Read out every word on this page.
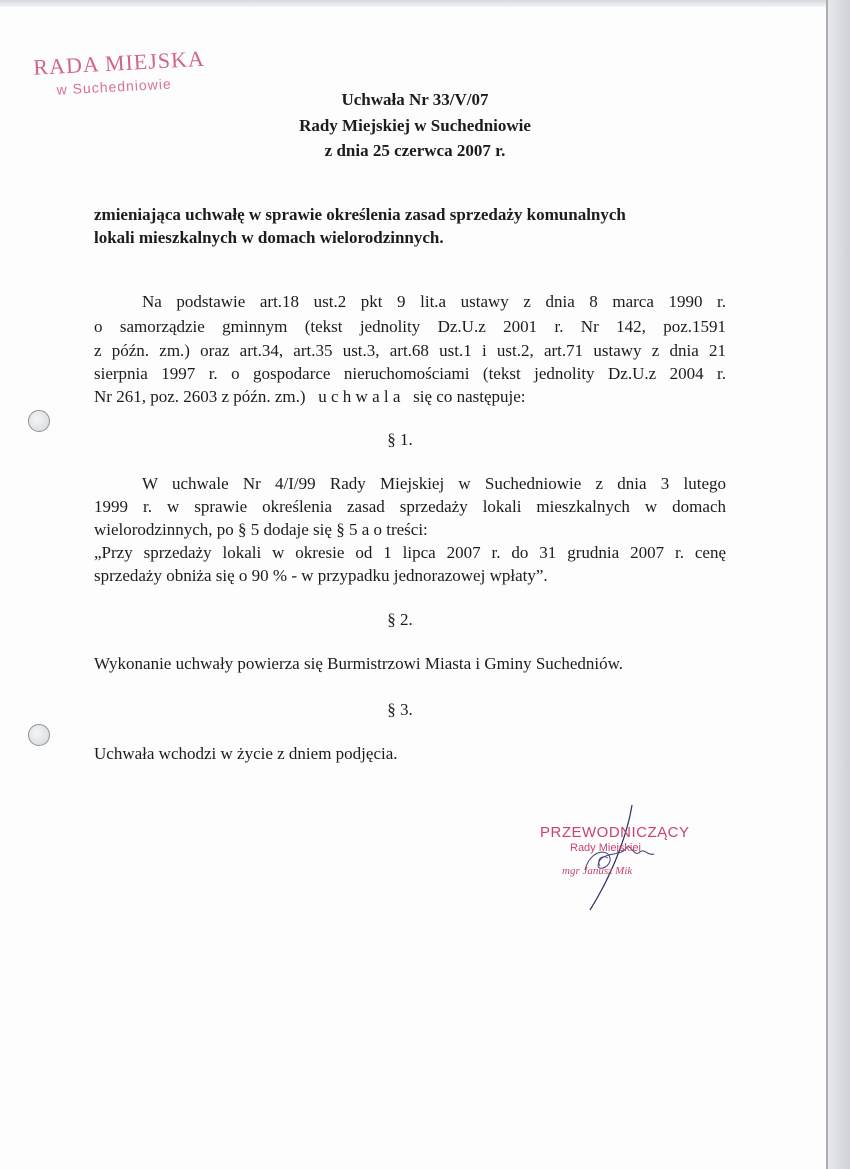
RADA MIEJSKA
w Suchedniowie
Uchwała Nr 33/V/07
Rady Miejskiej w Suchedniowie
z dnia 25 czerwca 2007 r.
zmieniająca uchwałę w sprawie określenia zasad sprzedaży komunalnych
lokali mieszkalnych w domach wielorodzinnych.
Na podstawie art.18 ust.2 pkt 9 lit.a ustawy z dnia 8 marca 1990 r.
o samorządzie gminnym (tekst jednolity Dz.U.z 2001 r. Nr 142, poz.1591
z późn. zm.) oraz art.34, art.35 ust.3, art.68 ust.1 i ust.2, art.71 ustawy z dnia 21
sierpnia 1997 r. o gospodarce nieruchomościami (tekst jednolity Dz.U.z 2004 r.
Nr 261, poz. 2603 z późn. zm.)   u c h w a l a   się co następuje:
§ 1.
W uchwale Nr 4/I/99 Rady Miejskiej w Suchedniowie z dnia 3 lutego
1999 r. w sprawie określenia zasad sprzedaży lokali mieszkalnych w domach
wielorodzinnych, po § 5 dodaje się § 5 a o treści:
„Przy sprzedaży lokali w okresie od 1 lipca 2007 r. do 31 grudnia 2007 r. cenę
sprzedaży obniża się o 90 % - w przypadku jednorazowej wpłaty”.
§ 2.
Wykonanie uchwały powierza się Burmistrzowi Miasta i Gminy Suchedniów.
§ 3.
Uchwała wchodzi w życie z dniem podjęcia.
PRZEWODNICZĄCY
Rady Miejskiej
mgr Janusz Mik
